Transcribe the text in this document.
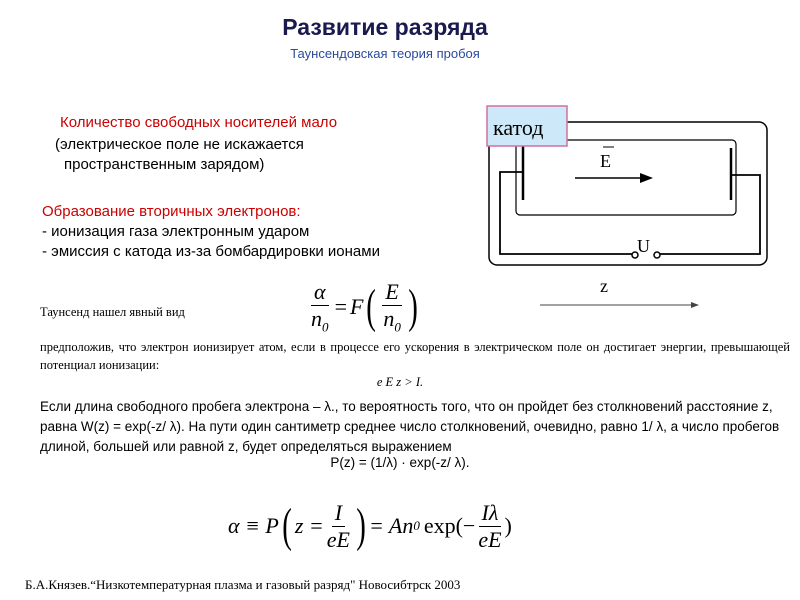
Развитие разряда
Таунсендовская теория пробоя
Количество свободных носителей мало
(электрическое поле не искажается
пространственным зарядом)
Образование вторичных электронов:
- ионизация газа электронным ударом
- эмиссия с катода из-за бомбардировки ионами
E
U
z
катод
Таунсенд нашел явный вид	$\frac{\alpha}{n_0} = F$ ( $\frac{E}{n_0}$ )
предположив, что электрон ионизирует атом, если в процессе его ускорения в электрическом поле он достигает энергии, превышающей потенциал ионизации:
e E z > I.
Если длина свободного пробега электрона – λ., то вероятность того, что он пройдет без столкновений расстояние z, равна W(z) = exp(-z/ λ). На пути один сантиметр среднее число столкновений, очевидно, равно 1/ λ, а число пробегов длиной, большей или равной z, будет определяться выражением
P(z) = (1/λ) · exp(-z/ λ).
α ≡ P ( $z = \frac{I}{eE}$ ) = An 0 $\exp(- \frac{I\lambda}{eE}$ )
Б.А.Князев.“Низкотемпературная плазма и газовый разряд" Новосибтрск 2003
